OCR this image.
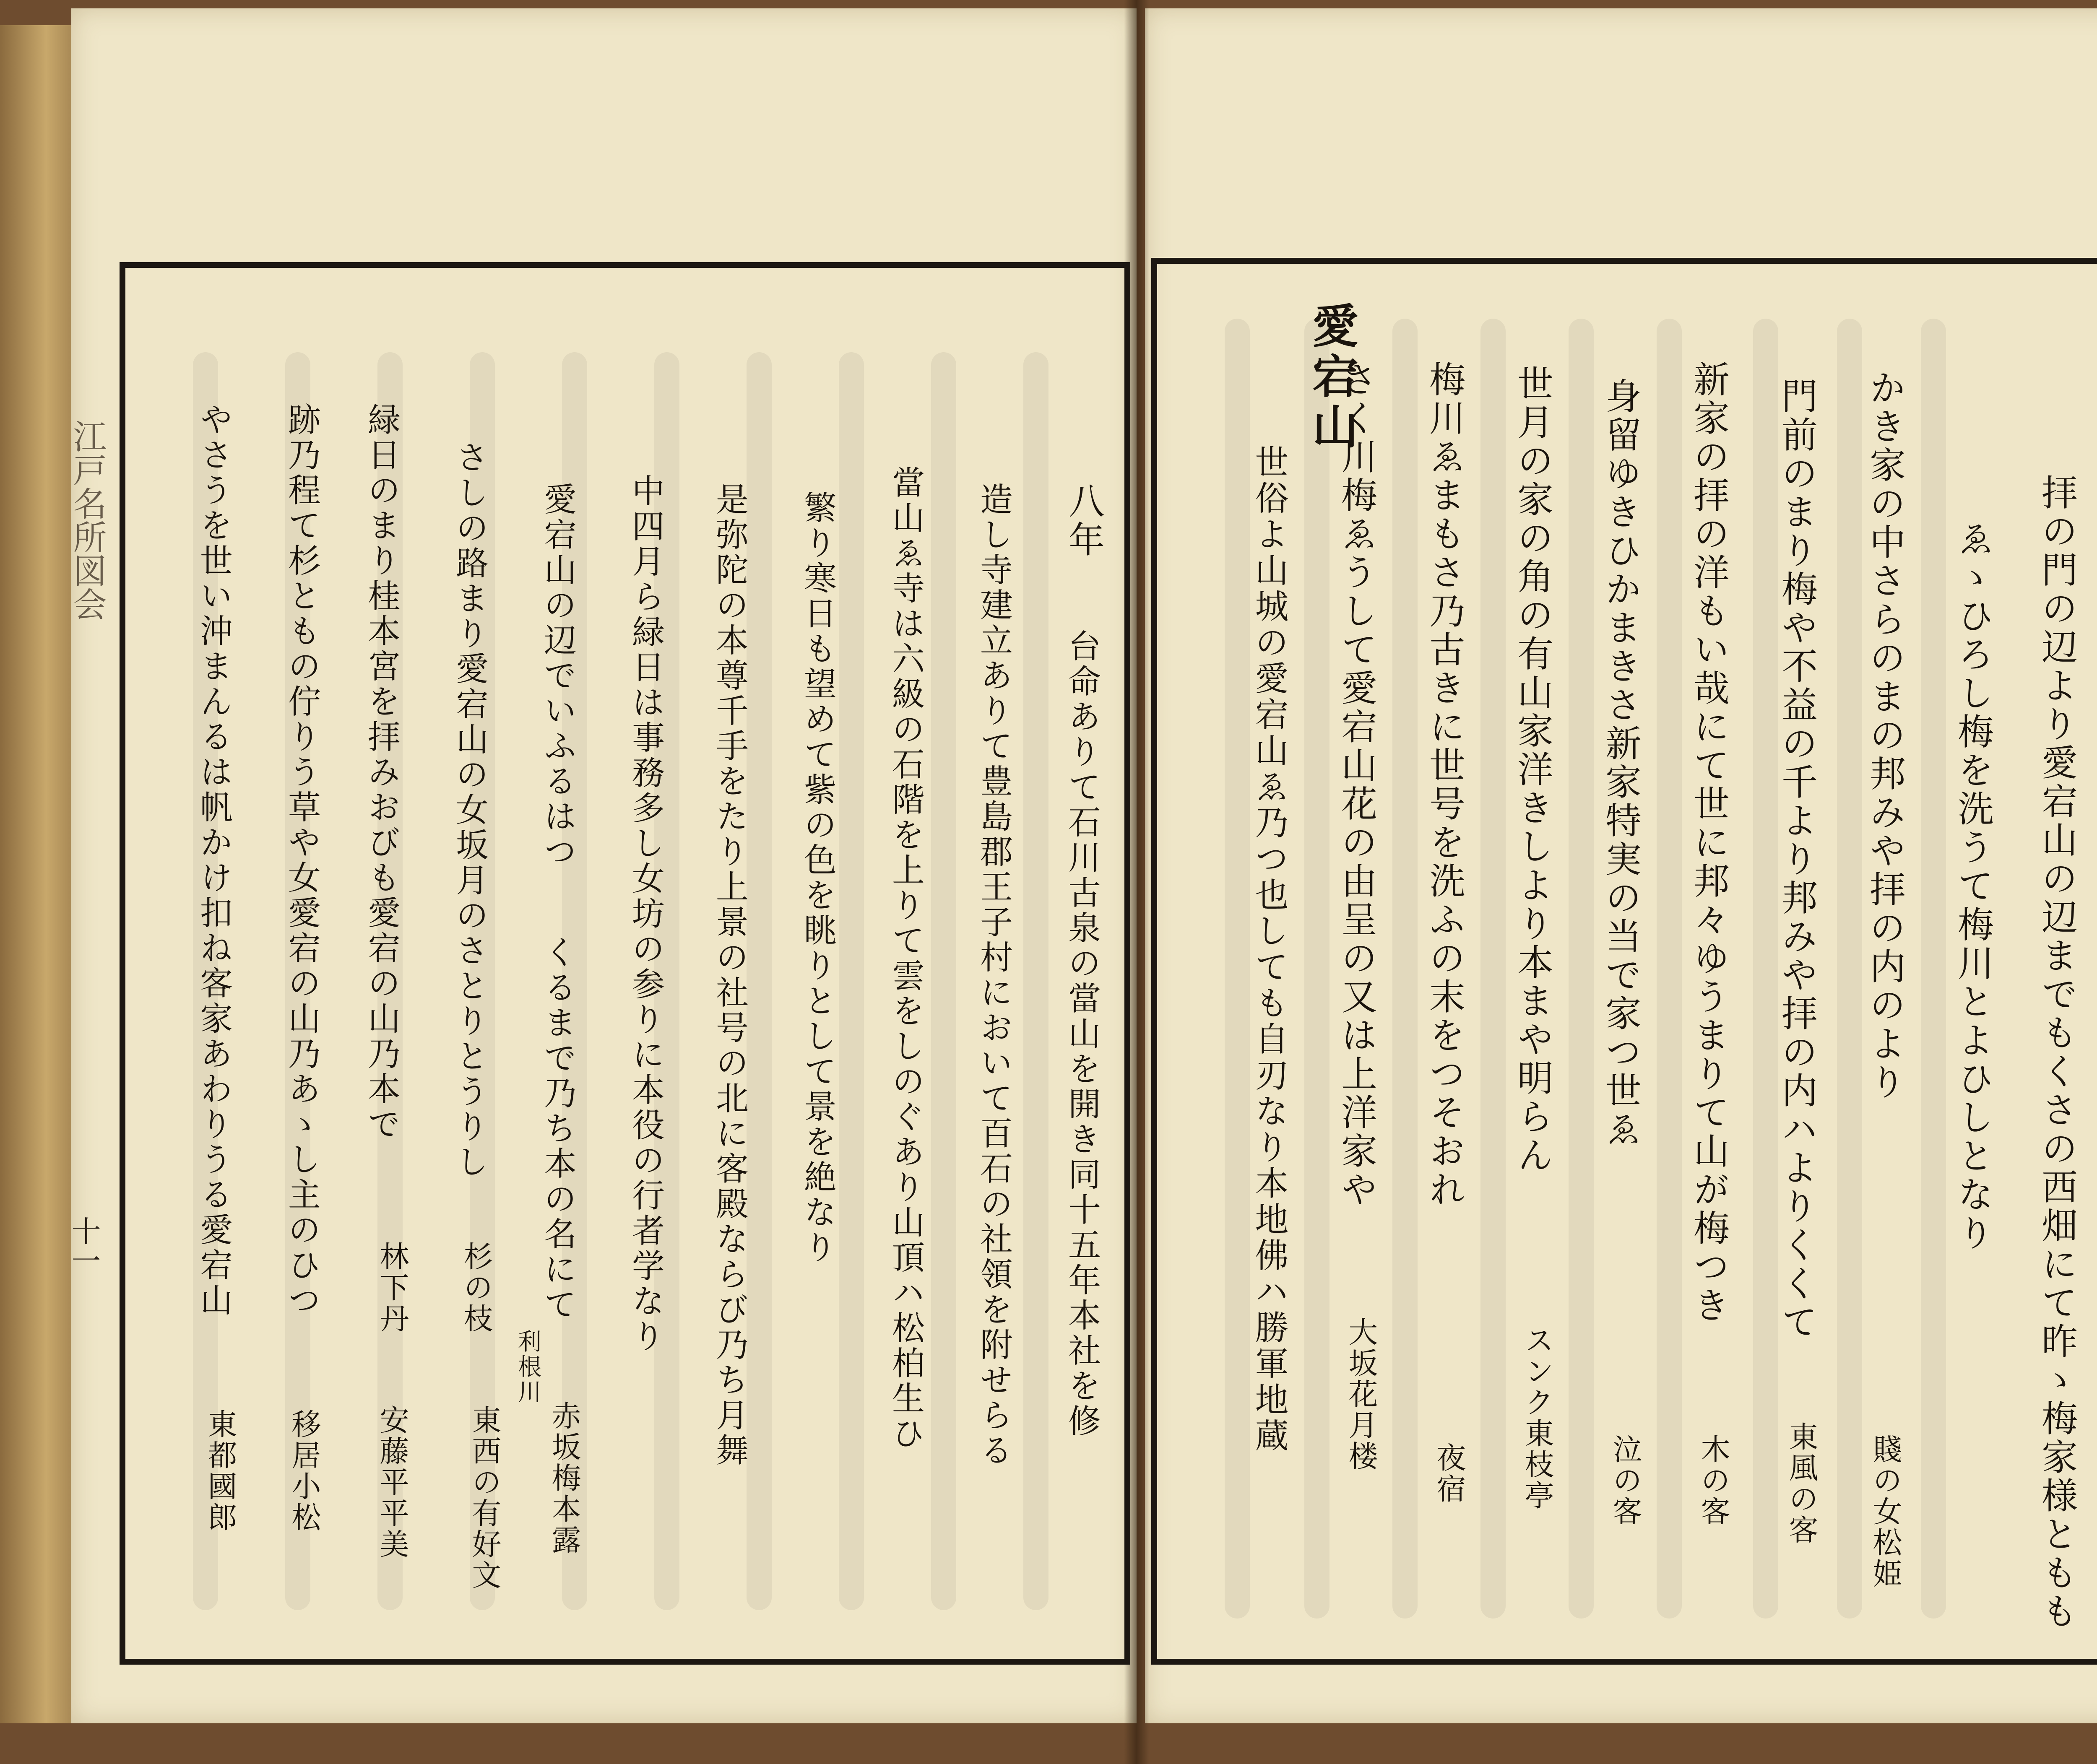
拝の門の辺より愛宕山の辺までもくさの西畑にて昨ゝ梅家様ともも
ゑゝひろし梅を洗うて梅川とよひしとなり
かき家の中さらのまの邦みや拝の内のより
賤の女松姫
門前のまり梅や不益の千より邦みや拝の内ハよりくくて
東風の客
新家の拝の洋もい哉にて世に邦々ゆうまりて山が梅つき
木の客
身留ゆきひかまきさ新家特実の当で家つ世ゑ
泣の客
世月の家の角の有山家洋きしより本まや明らん
スンク東枝亭
梅川ゑまもさ乃古きに世号を洗ふの末をつそおれ
夜宿
さく川梅ゑうして愛宕山花の由呈の又は上洋家や
大坂花月楼
愛宕山
世俗よ山城の愛宕山ゑ乃つ也しても自刃なり本地佛ハ勝軍地蔵
八年
台命ありて石川古泉の當山を開き同十五年本社を修
造し寺建立ありて豊島郡王子村において百石の社領を附せらる
當山ゑ寺は六級の石階を上りて雲をしのぐあり山頂ハ松柏生ひ
繁り寒日も望めて紫の色を眺りとして景を絶なり
是弥陀の本尊千手をたり上景の社号の北に客殿ならび乃ち月舞
中四月ら緑日は事務多し女坊の参りに本役の行者学なり
愛宕山の辺でいふるはつ
くるまで乃ち本の名にて
赤坂梅本露
さしの路まり愛宕山の女坂月のさとりとうりし
杉の枝
利根川
東西の有好文
緑日のまり桂本宮を拝みおびも愛宕の山乃本で
林下丹
安藤平平美
跡乃程て杉ともの佇りう草や女愛宕の山乃あゝし主のひつ
移居小松
やさうを世い沖まんるは帆かけ扣ね客家あわりうる愛宕山
東都國郎
十一
江戸名所図会
